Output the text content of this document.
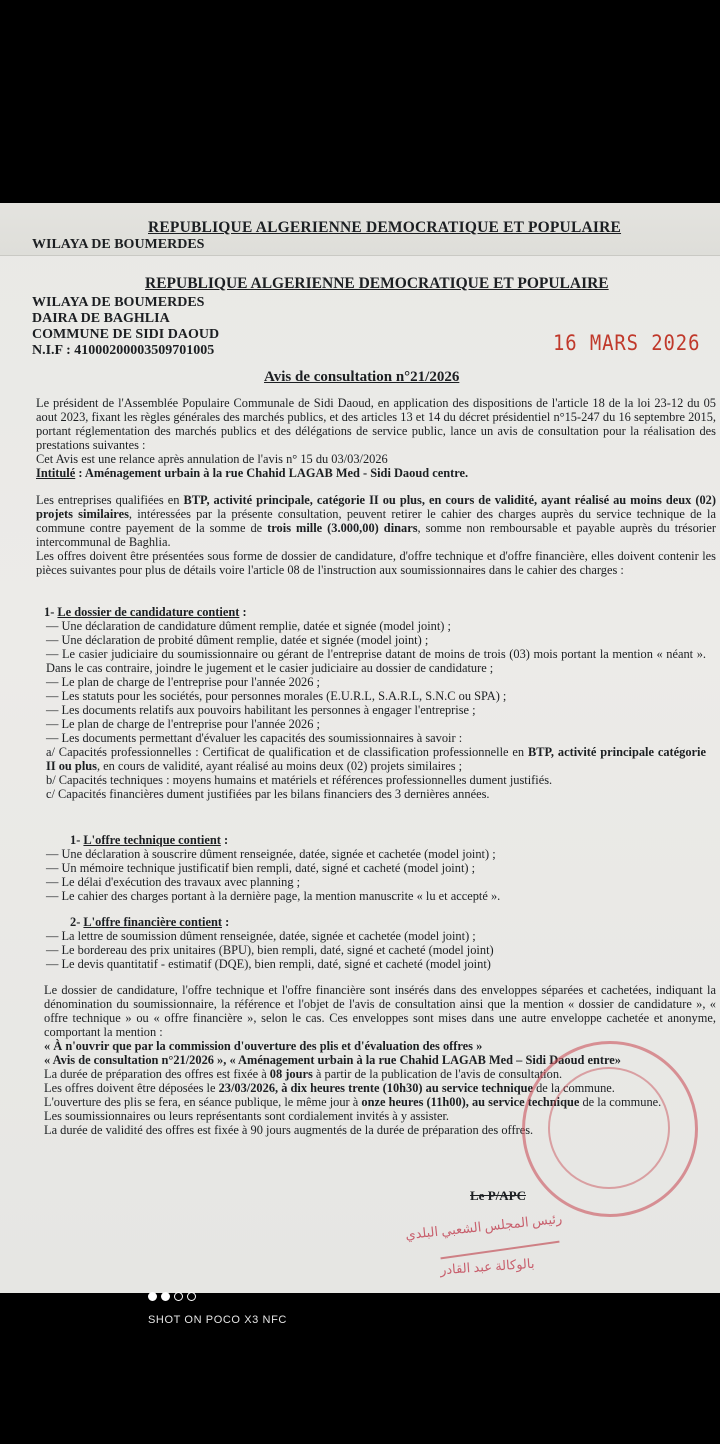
REPUBLIQUE ALGERIENNE DEMOCRATIQUE ET POPULAIRE
WILAYA DE BOUMERDES
REPUBLIQUE ALGERIENNE DEMOCRATIQUE ET POPULAIRE
WILAYA DE BOUMERDES
DAIRA DE BAGHLIA
COMMUNE DE SIDI DAOUD
N.I.F : 41000200003509701005	16 MARS 2026
Avis de consultation n°21/2026
Le président de l'Assemblée Populaire Communale de Sidi Daoud, en application des dispositions de l'article 18 de la loi 23-12 du 05 aout 2023, fixant les règles générales des marchés publics, et des articles 13 et 14 du décret présidentiel n°15-247 du 16 septembre 2015, portant réglementation des marchés publics et des délégations de service public, lance un avis de consultation pour la réalisation des prestations suivantes :
Cet Avis est une relance après annulation de l'avis n° 15 du 03/03/2026
Intitulé : Aménagement urbain à la rue Chahid LAGAB Med - Sidi Daoud centre.
Les entreprises qualifiées en BTP, activité principale, catégorie II ou plus, en cours de validité, ayant réalisé au moins deux (02) projets similaires, intéressées par la présente consultation, peuvent retirer le cahier des charges auprès du service technique de la commune contre payement de la somme de trois mille (3.000,00) dinars, somme non remboursable et payable auprès du trésorier intercommunal de Baghlia.
Les offres doivent être présentées sous forme de dossier de candidature, d'offre technique et d'offre financière, elles doivent contenir les pièces suivantes pour plus de détails voire l'article 08 de l'instruction aux soumissionnaires dans le cahier des charges :
1- Le dossier de candidature contient :
— Une déclaration de candidature dûment remplie, datée et signée (model joint) ;
— Une déclaration de probité dûment remplie, datée et signée (model joint) ;
— Le casier judiciaire du soumissionnaire ou gérant de l'entreprise datant de moins de trois (03) mois portant la mention « néant ». Dans le cas contraire, joindre le jugement et le casier judiciaire au dossier de candidature ;
— Le plan de charge de l'entreprise pour l'année 2026 ;
— Les statuts pour les sociétés, pour personnes morales (E.U.R.L, S.A.R.L, S.N.C ou SPA) ;
— Les documents relatifs aux pouvoirs habilitant les personnes à engager l'entreprise ;
— Le plan de charge de l'entreprise pour l'année 2026 ;
— Les documents permettant d'évaluer les capacités des soumissionnaires à savoir :
a/ Capacités professionnelles : Certificat de qualification et de classification professionnelle en BTP, activité principale catégorie II ou plus, en cours de validité, ayant réalisé au moins deux (02) projets similaires ;
b/ Capacités techniques : moyens humains et matériels et références professionnelles dument justifiés.
c/ Capacités financières dument justifiées par les bilans financiers des 3 dernières années.
1- L'offre technique contient :
— Une déclaration à souscrire dûment renseignée, datée, signée et cachetée (model joint) ;
— Un mémoire technique justificatif bien rempli, daté, signé et cacheté (model joint) ;
— Le délai d'exécution des travaux avec planning ;
— Le cahier des charges portant à la dernière page, la mention manuscrite « lu et accepté ».
2- L'offre financière contient :
— La lettre de soumission dûment renseignée, datée, signée et cachetée (model joint) ;
— Le bordereau des prix unitaires (BPU), bien rempli, daté, signé et cacheté (model joint)
— Le devis quantitatif - estimatif (DQE), bien rempli, daté, signé et cacheté (model joint)
Le dossier de candidature, l'offre technique et l'offre financière sont insérés dans des enveloppes séparées et cachetées, indiquant la dénomination du soumissionnaire, la référence et l'objet de l'avis de consultation ainsi que la mention « dossier de candidature », « offre technique » ou « offre financière », selon le cas. Ces enveloppes sont mises dans une autre enveloppe cachetée et anonyme, comportant la mention :
« À n'ouvrir que par la commission d'ouverture des plis et d'évaluation des offres »
« Avis de consultation n°21/2026 », « Aménagement urbain à la rue Chahid LAGAB Med – Sidi Daoud entre»
La durée de préparation des offres est fixée à 08 jours à partir de la publication de l'avis de consultation.
Les offres doivent être déposées le 23/03/2026, à dix heures trente (10h30) au service technique de la commune.
L'ouverture des plis se fera, en séance publique, le même jour à onze heures (11h00), au service technique de la commune.
Les soumissionnaires ou leurs représentants sont cordialement invités à y assister.
La durée de validité des offres est fixée à 90 jours augmentés de la durée de préparation des offres.
Le P/APC
رئيس المجلس الشعبي البلدي
بالوكالة عبد القادر
SHOT ON POCO X3 NFC
